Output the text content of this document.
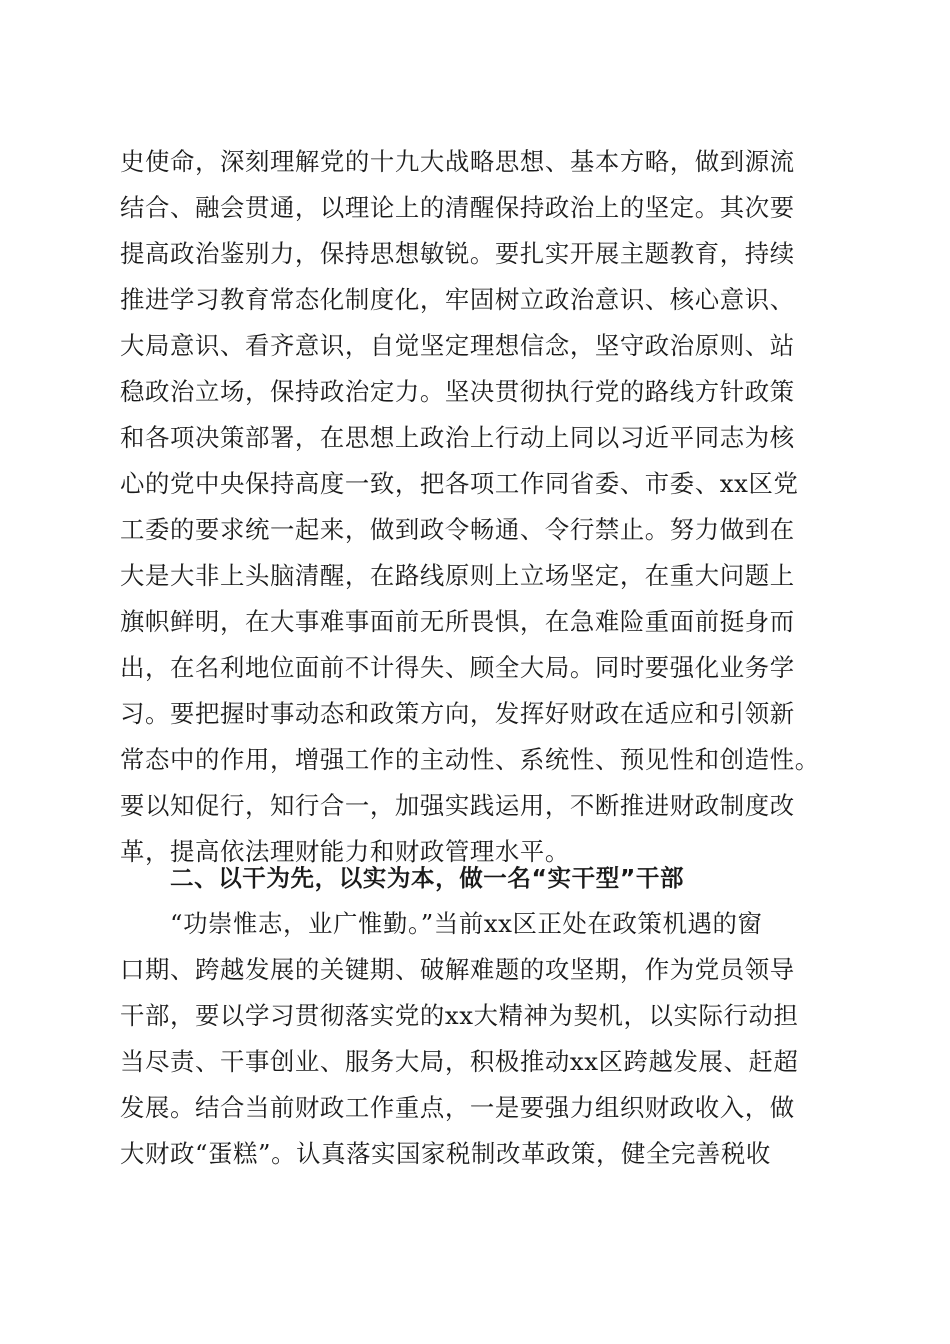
史使命，深刻理解党的十九大战略思想、基本方略，做到源流
结合、融会贯通，以理论上的清醒保持政治上的坚定。其次要
提高政治鉴别力，保持思想敏锐。要扎实开展主题教育，持续
推进学习教育常态化制度化，牢固树立政治意识、核心意识、
大局意识、看齐意识，自觉坚定理想信念，坚守政治原则、站
稳政治立场，保持政治定力。坚决贯彻执行党的路线方针政策
和各项决策部署，在思想上政治上行动上同以习近平同志为核
心的党中央保持高度一致，把各项工作同省委、市委、xx区党
工委的要求统一起来，做到政令畅通、令行禁止。努力做到在
大是大非上头脑清醒，在路线原则上立场坚定，在重大问题上
旗帜鲜明，在大事难事面前无所畏惧，在急难险重面前挺身而
出，在名利地位面前不计得失、顾全大局。同时要强化业务学
习。要把握时事动态和政策方向，发挥好财政在适应和引领新
常态中的作用，增强工作的主动性、系统性、预见性和创造性。
要以知促行，知行合一，加强实践运用，不断推进财政制度改
革，提高依法理财能力和财政管理水平。
二、以干为先，以实为本，做一名“实干型”干部
“功崇惟志，业广惟勤。”当前xx区正处在政策机遇的窗
口期、跨越发展的关键期、破解难题的攻坚期，作为党员领导
干部，要以学习贯彻落实党的xx大精神为契机，以实际行动担
当尽责、干事创业、服务大局，积极推动xx区跨越发展、赶超
发展。结合当前财政工作重点，一是要强力组织财政收入，做
大财政“蛋糕”。认真落实国家税制改革政策，健全完善税收
